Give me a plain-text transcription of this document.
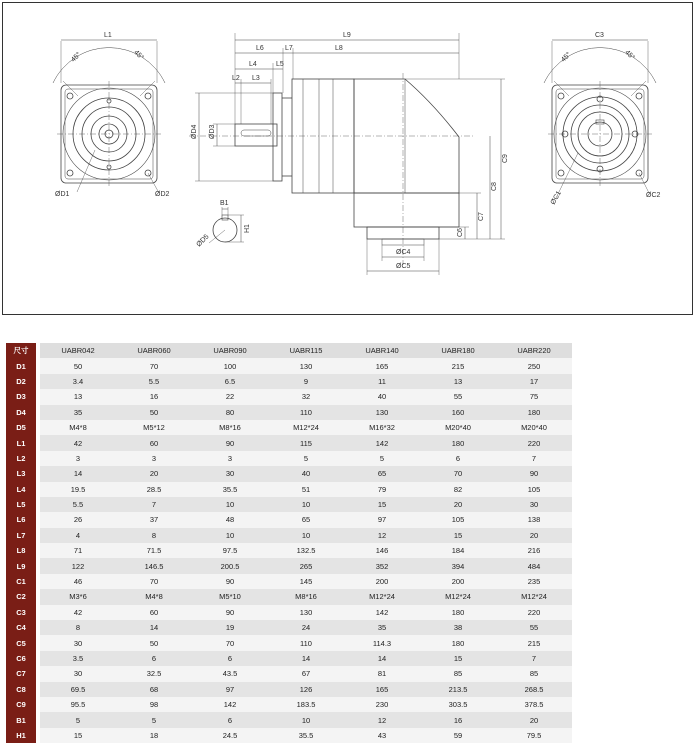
L1
45°	45°
ØD1	ØD2
L9
L6	L7	L8
L4	L5
L2 L3
ØD4 ØD3
C9
C8
C7
C6
ØC4
ØC5
B1
H1
ØD5
C3
45°	45°
ØC1	ØC2
尺寸		UABR042	UABR060	UABR090	UABR115	UABR140	UABR180	UABR220
D1		50	70	100	130	165	215	250
D2		3.4	5.5	6.5	9	11	13	17
D3		13	16	22	32	40	55	75
D4		35	50	80	110	130	160	180
D5		M4*8	M5*12	M8*16	M12*24	M16*32	M20*40	M20*40
L1		42	60	90	115	142	180	220
L2		3	3	3	5	5	6	7
L3		14	20	30	40	65	70	90
L4		19.5	28.5	35.5	51	79	82	105
L5		5.5	7	10	10	15	20	30
L6		26	37	48	65	97	105	138
L7		4	8	10	10	12	15	20
L8		71	71.5	97.5	132.5	146	184	216
L9		122	146.5	200.5	265	352	394	484
C1		46	70	90	145	200	200	235
C2		M3*6	M4*8	M5*10	M8*16	M12*24	M12*24	M12*24
C3		42	60	90	130	142	180	220
C4		8	14	19	24	35	38	55
C5		30	50	70	110	114.3	180	215
C6		3.5	6	6	14	14	15	7
C7		30	32.5	43.5	67	81	85	85
C8		69.5	68	97	126	165	213.5	268.5
C9		95.5	98	142	183.5	230	303.5	378.5
B1		5	5	6	10	12	16	20
H1		15	18	24.5	35.5	43	59	79.5
